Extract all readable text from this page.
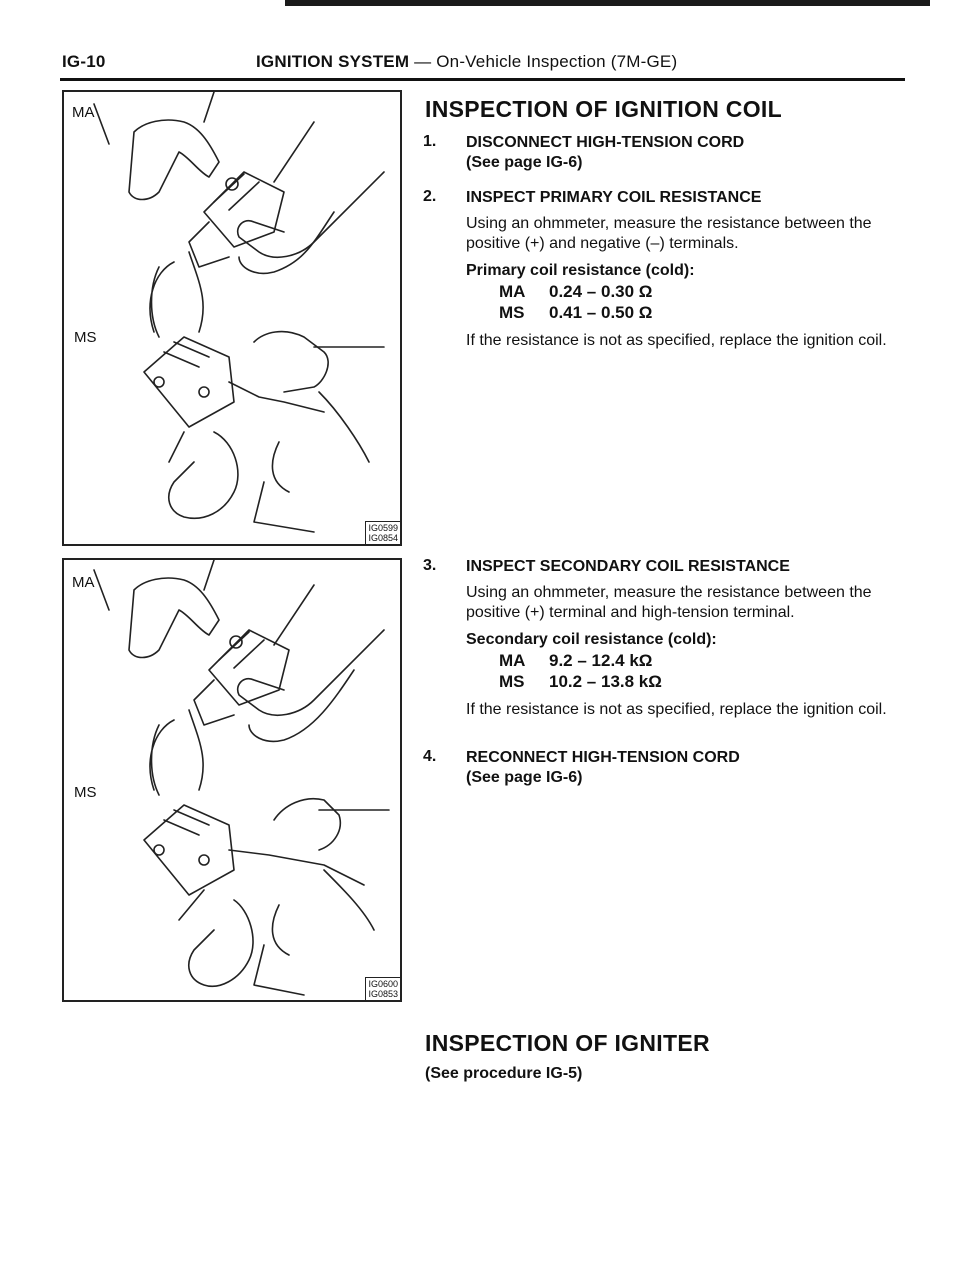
IG-10	IGNITION SYSTEM — On-Vehicle Inspection (7M-GE)
MA
MS
IG0599
IG0854
MA
MS
IG0600
IG0853
INSPECTION OF IGNITION COIL
1. DISCONNECT HIGH-TENSION CORD
(See page IG-6)
2. INSPECT PRIMARY COIL RESISTANCE

Using an ohmmeter, measure the resistance between the positive (+) and negative (–) terminals.

Primary coil resistance (cold):

MA 0.24 – 0.30 Ω
MS 0.41 – 0.50 Ω

If the resistance is not as specified, replace the ignition coil.

3. INSPECT SECONDARY COIL RESISTANCE

Using an ohmmeter, measure the resistance between the positive (+) terminal and high-tension terminal.

Secondary coil resistance (cold):

MA 9.2 – 12.4 kΩ
MS 10.2 – 13.8 kΩ

If the resistance is not as specified, replace the ignition coil.

4. RECONNECT HIGH-TENSION CORD
(See page IG-6)
INSPECTION OF IGNITER
(See procedure IG-5)
